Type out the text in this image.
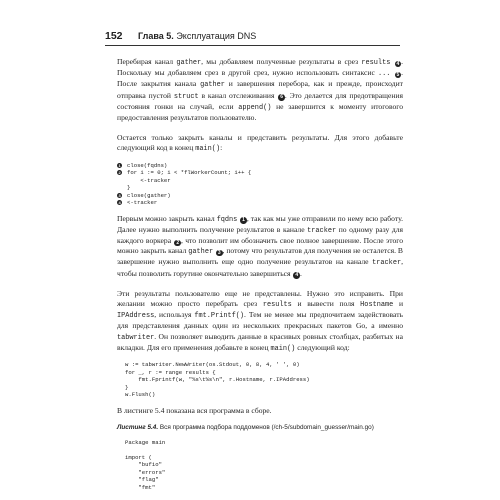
152 Глава 5. Эксплуатация DNS

Перебирая канал gather, мы добавляем полученные результаты в срез results 4 . Поскольку мы добавляем срез в другой срез, нужно использовать синтаксис ... 5 . После закрытия канала gather и завершения перебора, как и прежде, происходит отправка пустой struct в канал отслеживания 6 . Это делается для предотвращения состояния гонки на случай, если append() не завершится к моменту итогового предоставления результатов пользователю.

Остается только закрыть каналы и представить результаты. Для этого добавьте следующий код в конец main():

1 close(fqdns)
2 for i := 0; i < *flWorkerCount; i++ {
<-tracker
}
3 close(gather)
4 <-tracker

Первым можно закрыть канал fqdns 1 , так как мы уже отправили по нему всю работу. Далее нужно выполнить получение результатов в канале tracker по одному разу для каждого воркера 2 , что позволит им обозначить свое полное завершение. После этого можно закрыть канал gather 3 , потому что результатов для получения не осталется. В завершение нужно выполнить еще одно получение результатов на канале tracker, чтобы позволить горутине окончательно завершиться 4 .

Эти результаты пользователю еще не представлены. Нужно это исправить. При желании можно просто перебрать срез results и вывести поля Hostname и IPAddress, используя fmt.Printf(). Тем не менее мы предпочитаем задействовать для представления данных один из нескольких прекрасных пакетов Go, а именно tabwriter. Он позволяет выводить данные в красивых ровных столбцах, разбитых на вкладки. Для его применения добавьте в конец main() следующий код:

w := tabwriter.NewWriter(os.Stdout, 0, 8, 4, ' ', 0)
for _, r := range results {
fmt.Fprintf(w, "%s\t%s\n", r.Hostname, r.IPAddress)
}
w.Flush()

В листинге 5.4 показана вся программа в сборе.

Листинг 5.4. Вся программа подбора поддоменов (/ch-5/subdomain_guesser/main.go)
Package main
import (
"bufio"
"errors"
"flag"
"fmt"
